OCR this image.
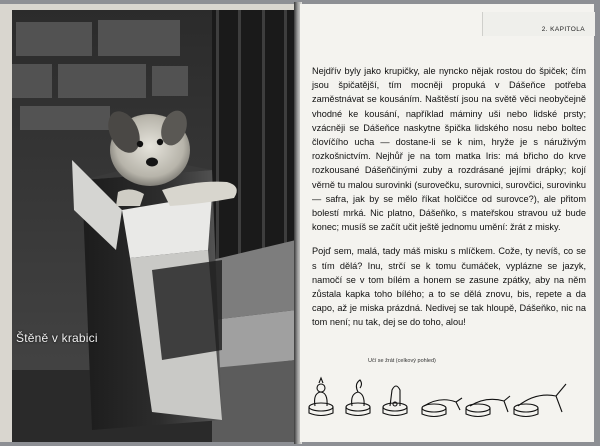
Štěně v krabici
2. KAPITOLA

Nejdřív byly jako krupičky, ale nyncko nějak rostou do špiček; čím jsou špičatější, tím mocněji propuká v Dášeňce potřeba zaměstnávat se kousáním. Naštěstí jsou na světě věci neobyčejně vhodné ke kousání, například máminy uši nebo lidské prsty; vzácněji se Dášeňce naskytne špička lidského nosu nebo boltec človíčího ucha — dostane-li se k nim, hryže je s náruživým rozkošnictvím. Nejhůř je na tom matka Iris: má břicho do krve rozkousané Dášeňčinými zuby a rozdrásané jejími drápky; kojí věrně tu malou surovinki (surovečku, surovnici, surovčici, surovinku — safra, jak by se mělo říkat holčičce od surovce?), ale přitom bolestí mrká. Nic platno, Dášeňko, s mateřskou stravou už bude konec; musíš se začít učit ještě jednomu umění: žrát z misky.

Pojď sem, malá, tady máš misku s mlíčkem. Cože, ty nevíš, co se s tím dělá? Inu, strčí se k tomu čumáček, vyplázne se jazyk, namočí se v tom bílém a honem se zasune zpátky, aby na něm zůstala kapka toho bílého; a to se dělá znovu, bis, repete a da capo, až je miska prázdná. Nedivej se tak hloupě, Dášeňko, nic na tom není; nu tak, dej se do toho, alou!

Učí se žrát (celkový pohled)
